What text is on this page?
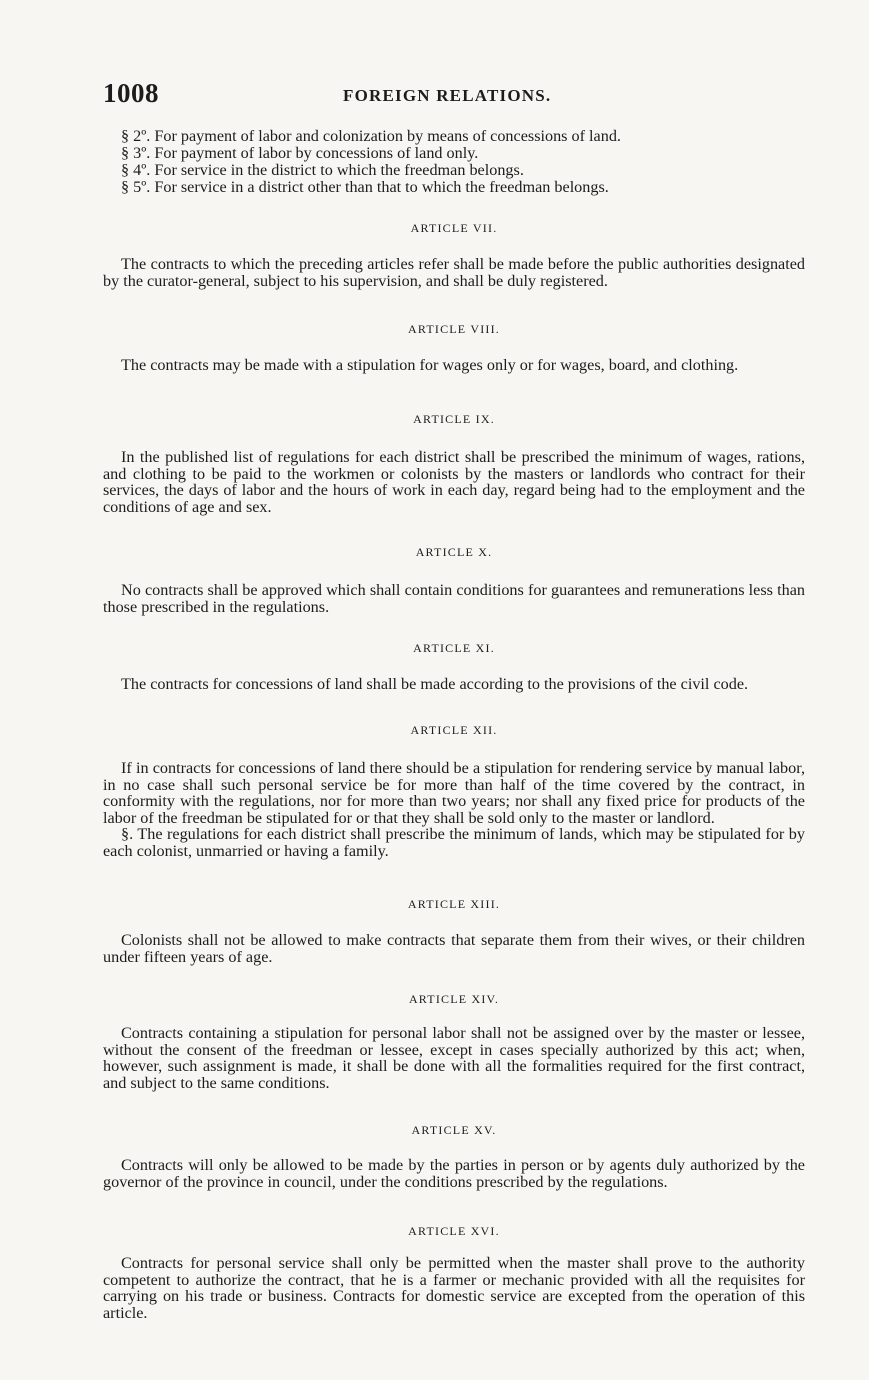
1008	FOREIGN RELATIONS.
§ 2º. For payment of labor and colonization by means of concessions of land.
§ 3º. For payment of labor by concessions of land only.
§ 4º. For service in the district to which the freedman belongs.
§ 5º. For service in a district other than that to which the freedman belongs.
ARTICLE VII.

The contracts to which the preceding articles refer shall be made before the public authorities designated by the curator-general, subject to his supervision, and shall be duly registered.

ARTICLE VIII.

The contracts may be made with a stipulation for wages only or for wages, board, and clothing.

ARTICLE IX.

In the published list of regulations for each district shall be prescribed the minimum of wages, rations, and clothing to be paid to the workmen or colonists by the masters or landlords who contract for their services, the days of labor and the hours of work in each day, regard being had to the employment and the conditions of age and sex.

ARTICLE X.

No contracts shall be approved which shall contain conditions for guarantees and remunerations less than those prescribed in the regulations.

ARTICLE XI.

The contracts for concessions of land shall be made according to the provisions of the civil code.

ARTICLE XII.

If in contracts for concessions of land there should be a stipulation for rendering service by manual labor, in no case shall such personal service be for more than half of the time covered by the contract, in conformity with the regulations, nor for more than two years; nor shall any fixed price for products of the labor of the freedman be stipulated for or that they shall be sold only to the master or landlord.

§. The regulations for each district shall prescribe the minimum of lands, which may be stipulated for by each colonist, unmarried or having a family.

ARTICLE XIII.

Colonists shall not be allowed to make contracts that separate them from their wives, or their children under fifteen years of age.

ARTICLE XIV.

Contracts containing a stipulation for personal labor shall not be assigned over by the master or lessee, without the consent of the freedman or lessee, except in cases specially authorized by this act; when, however, such assignment is made, it shall be done with all the formalities required for the first contract, and subject to the same conditions.

ARTICLE XV.

Contracts will only be allowed to be made by the parties in person or by agents duly authorized by the governor of the province in council, under the conditions prescribed by the regulations.

ARTICLE XVI.

Contracts for personal service shall only be permitted when the master shall prove to the authority competent to authorize the contract, that he is a farmer or mechanic provided with all the requisites for carrying on his trade or business. Contracts for domestic service are excepted from the operation of this article.
